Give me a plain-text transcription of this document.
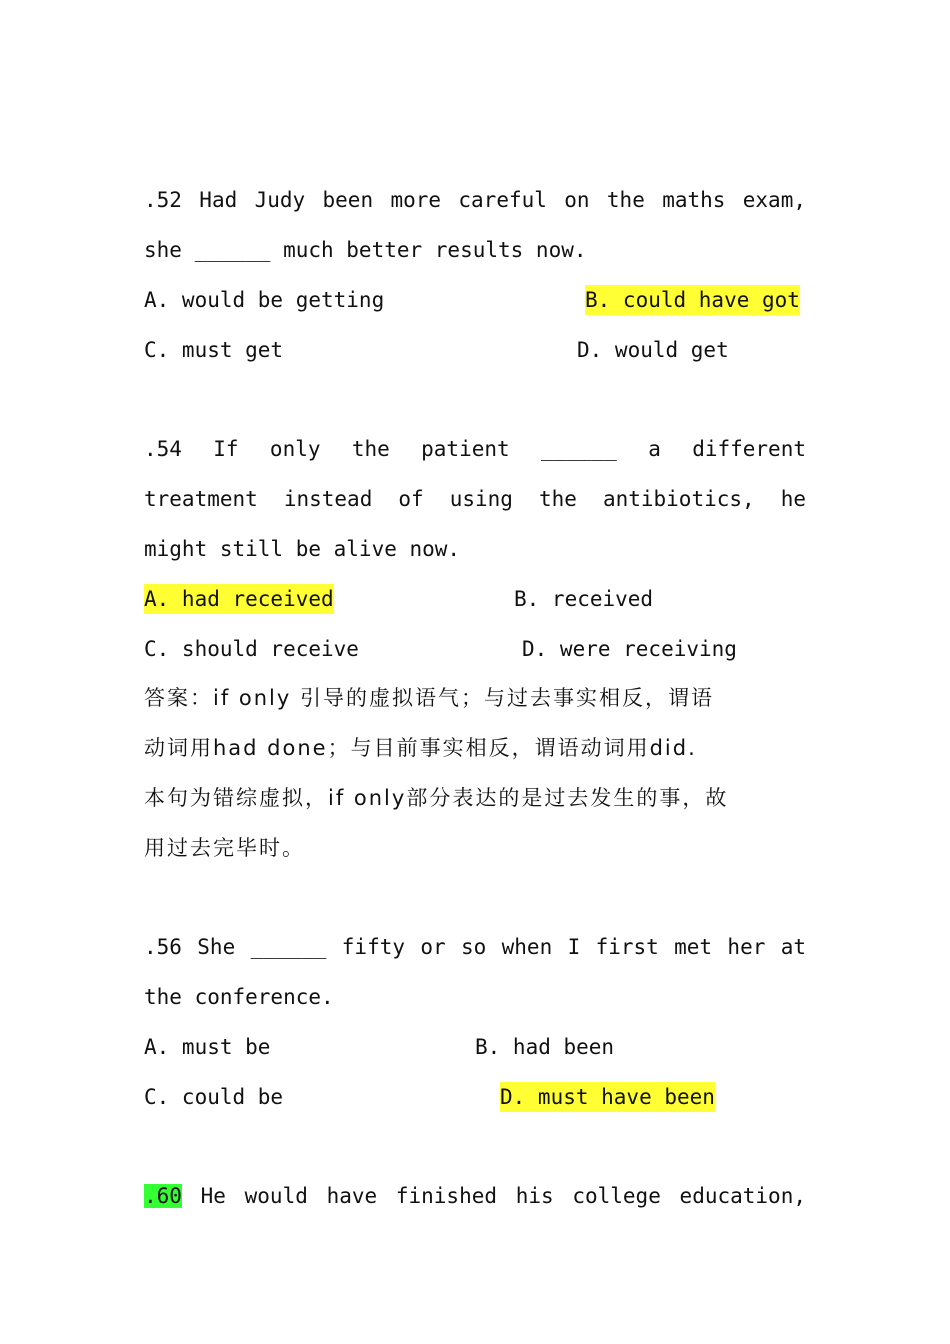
.52 Had Judy been more careful on the maths exam,
she ______ much better results now.
A. would be getting	B. could have got
C. must get	D. would get
.54 If only the patient ______ a different
treatment instead of using the antibiotics, he
might still be alive now.
A. had received	B. received
C. should receive	D. were receiving
答案：if only 引导的虚拟语气；与过去事实相反，谓语
动词用had done；与目前事实相反，谓语动词用did.
本句为错综虚拟，if only部分表达的是过去发生的事，故
用过去完毕时。
.56 She ______ fifty or so when I first met her at
the conference.
A. must be	B. had been
C. could be	D. must have been
.60 He would have finished his college education,
